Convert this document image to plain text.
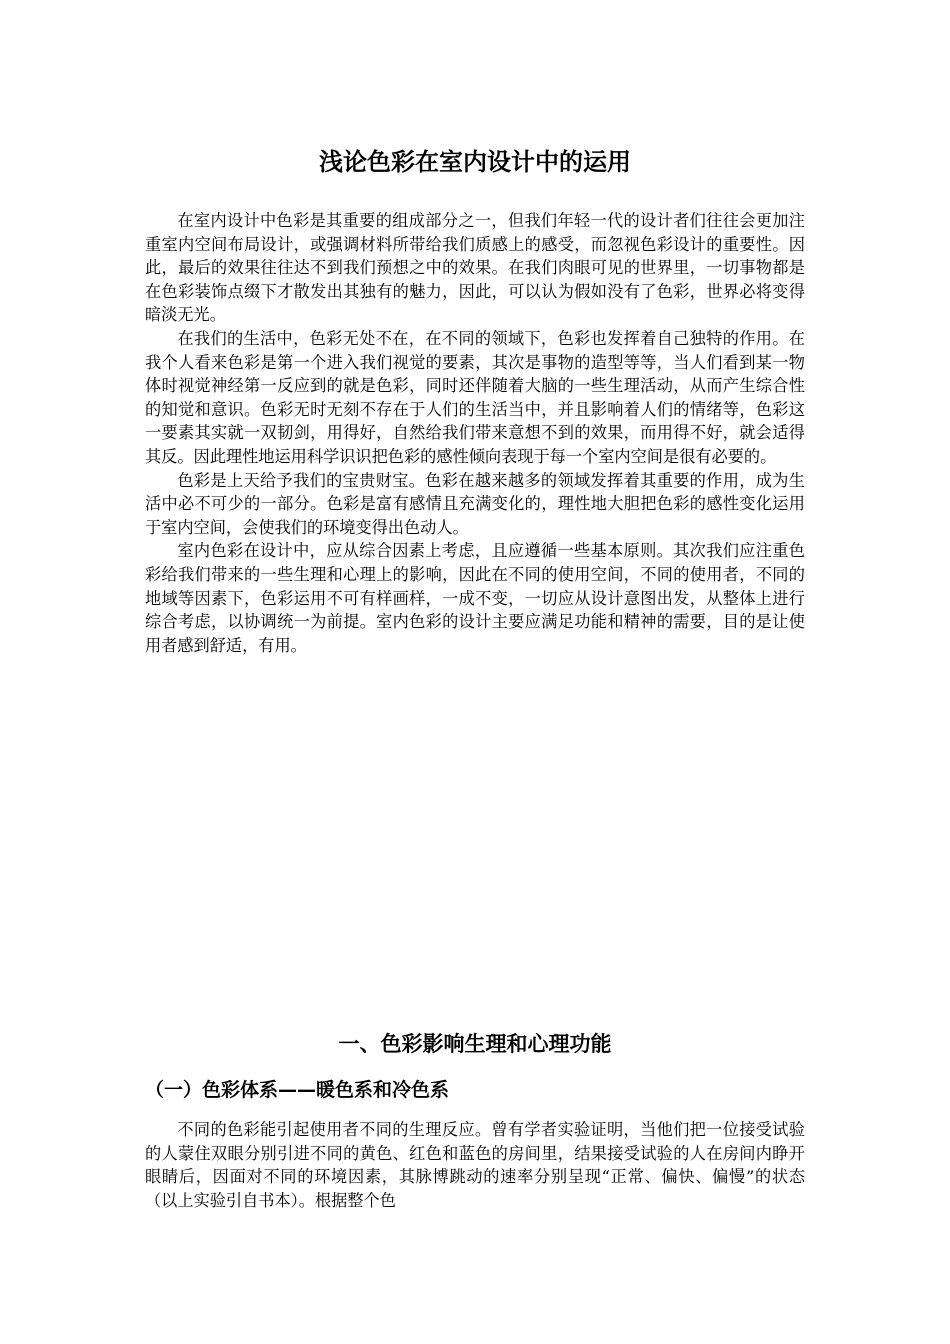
浅论色彩在室内设计中的运用

在室内设计中色彩是其重要的组成部分之一，但我们年轻一代的设计者们往往会更加注重室内空间布局设计，或强调材料所带给我们质感上的感受，而忽视色彩设计的重要性。因此，最后的效果往往达不到我们预想之中的效果。在我们肉眼可见的世界里，一切事物都是在色彩装饰点缀下才散发出其独有的魅力，因此，可以认为假如没有了色彩，世界必将变得暗淡无光。

在我们的生活中，色彩无处不在，在不同的领域下，色彩也发挥着自己独特的作用。在我个人看来色彩是第一个进入我们视觉的要素，其次是事物的造型等等，当人们看到某一物体时视觉神经第一反应到的就是色彩，同时还伴随着大脑的一些生理活动，从而产生综合性的知觉和意识。色彩无时无刻不存在于人们的生活当中，并且影响着人们的情绪等，色彩这一要素其实就一双韧剑，用得好，自然给我们带来意想不到的效果，而用得不好，就会适得其反。因此理性地运用科学识识把色彩的感性倾向表现于每一个室内空间是很有必要的。

色彩是上天给予我们的宝贵财宝。色彩在越来越多的领域发挥着其重要的作用，成为生活中必不可少的一部分。色彩是富有感情且充满变化的，理性地大胆把色彩的感性变化运用于室内空间，会使我们的环境变得出色动人。

室内色彩在设计中，应从综合因素上考虑，且应遵循一些基本原则。其次我们应注重色彩给我们带来的一些生理和心理上的影响，因此在不同的使用空间，不同的使用者，不同的地域等因素下，色彩运用不可有样画样，一成不变，一切应从设计意图出发，从整体上进行综合考虑，以协调统一为前提。室内色彩的设计主要应满足功能和精神的需要，目的是让使用者感到舒适，有用。

一、色彩影响生理和心理功能
（一）色彩体系——暖色系和冷色系

不同的色彩能引起使用者不同的生理反应。曾有学者实验证明，当他们把一位接受试验的人蒙住双眼分别引进不同的黄色、红色和蓝色的房间里，结果接受试验的人在房间内睁开眼睛后，因面对不同的环境因素，其脉博跳动的速率分别呈现“正常、偏快、偏慢”的状态（以上实验引自书本）。根据整个色
